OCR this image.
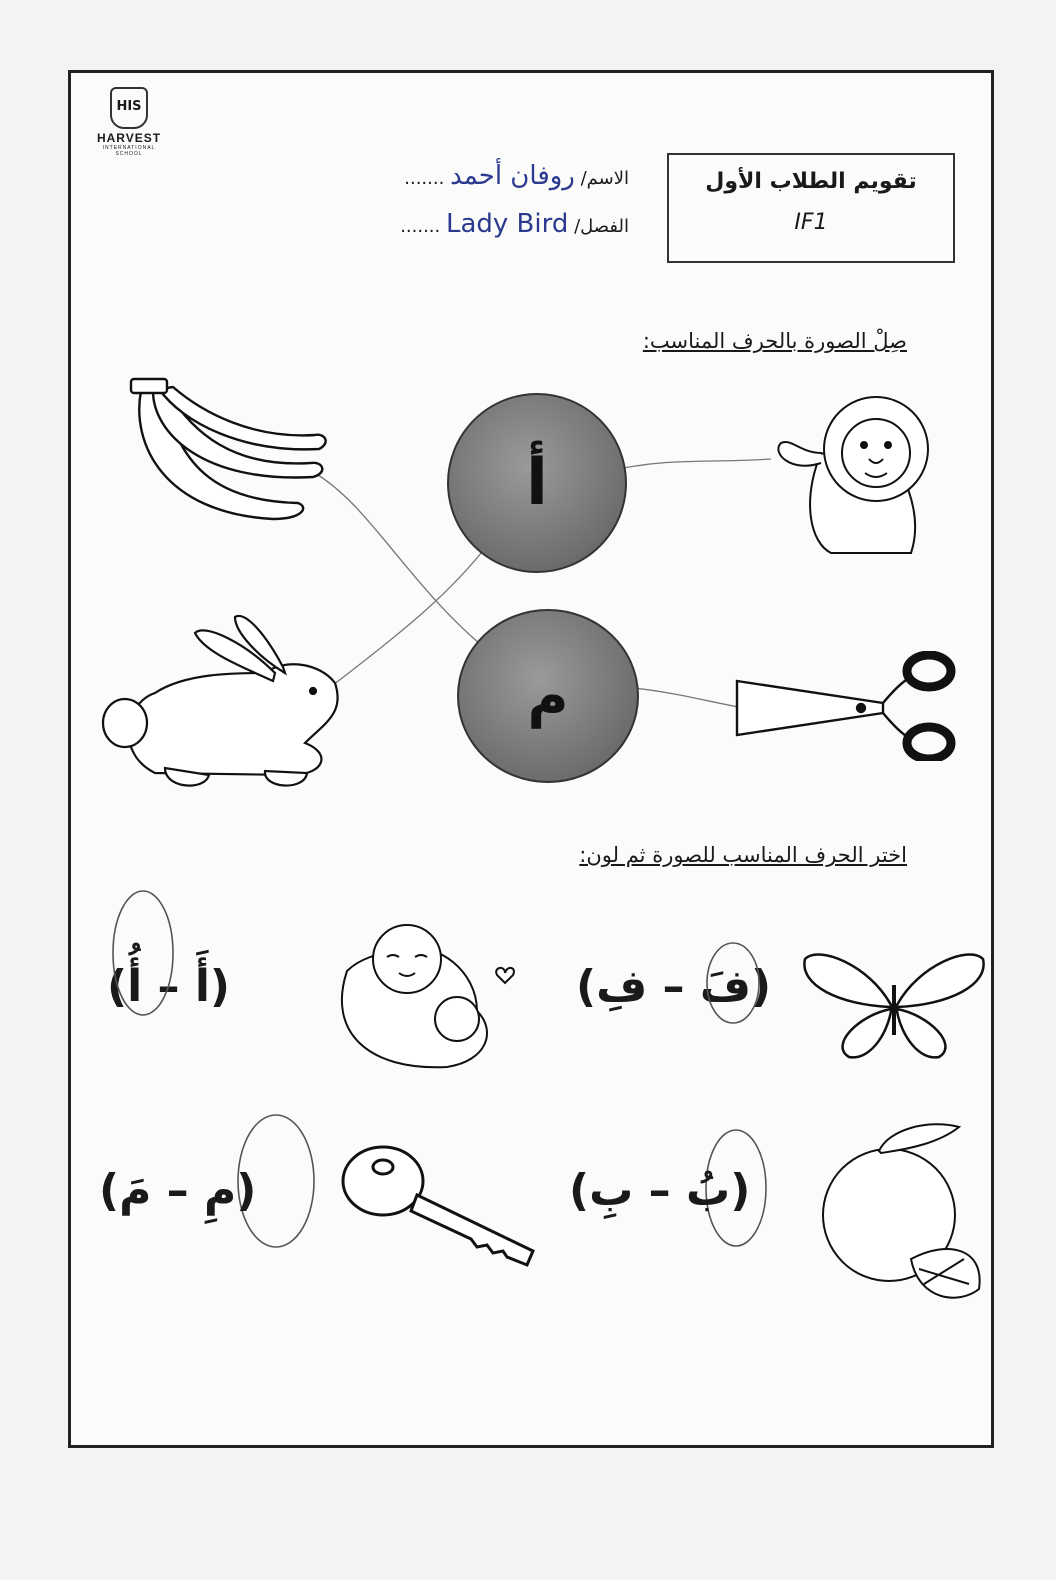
HIS
HARVEST
INTERNATIONAL SCHOOL
تقويم الطلاب الأول
IF1
الاسم/ روفان أحمد .......
الفصل/ Lady Bird .......
صِلْ الصورة بالحرف المناسب:
أ
م
اختر الحرف المناسب للصورة ثم لون:
(فَ – فِ)
(أَ – أُ)
(بُ – بِ)
(مِ – مَ)
